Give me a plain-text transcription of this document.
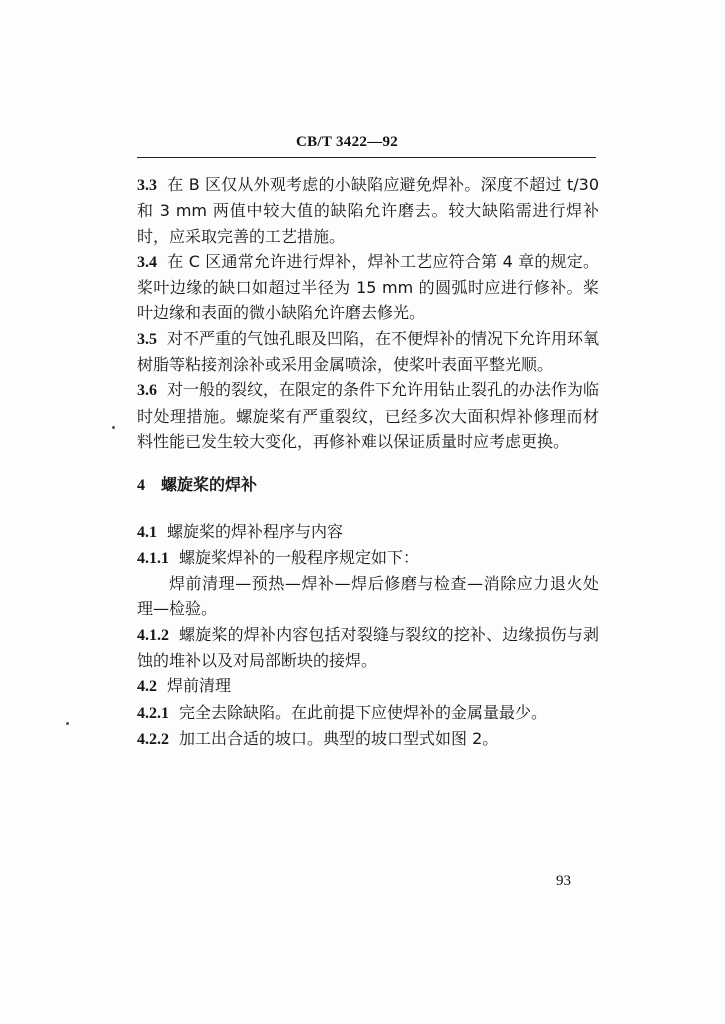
CB/T 3422—92

3.3 在 B 区仅从外观考虑的小缺陷应避免焊补。深度不超过 t/30 和 3 mm 两值中较大值的缺陷允许磨去。较大缺陷需进行焊补时，应采取完善的工艺措施。

3.4 在 C 区通常允许进行焊补，焊补工艺应符合第 4 章的规定。桨叶边缘的缺口如超过半径为 15 mm 的圆弧时应进行修补。桨叶边缘和表面的微小缺陷允许磨去修光。

3.5 对不严重的气蚀孔眼及凹陷，在不便焊补的情况下允许用环氧树脂等粘接剂涂补或采用金属喷涂，使桨叶表面平整光顺。

3.6 对一般的裂纹，在限定的条件下允许用钻止裂孔的办法作为临时处理措施。螺旋桨有严重裂纹，已经多次大面积焊补修理而材料性能已发生较大变化，再修补难以保证质量时应考虑更换。

4 螺旋桨的焊补

4.1 螺旋桨的焊补程序与内容

4.1.1 螺旋桨焊补的一般程序规定如下：

焊前清理—预热—焊补—焊后修磨与检查—消除应力退火处理—检验。

4.1.2 螺旋桨的焊补内容包括对裂缝与裂纹的挖补、边缘损伤与剥蚀的堆补以及对局部断块的接焊。

4.2 焊前清理

4.2.1 完全去除缺陷。在此前提下应使焊补的金属量最少。

4.2.2 加工出合适的坡口。典型的坡口型式如图 2。

93
